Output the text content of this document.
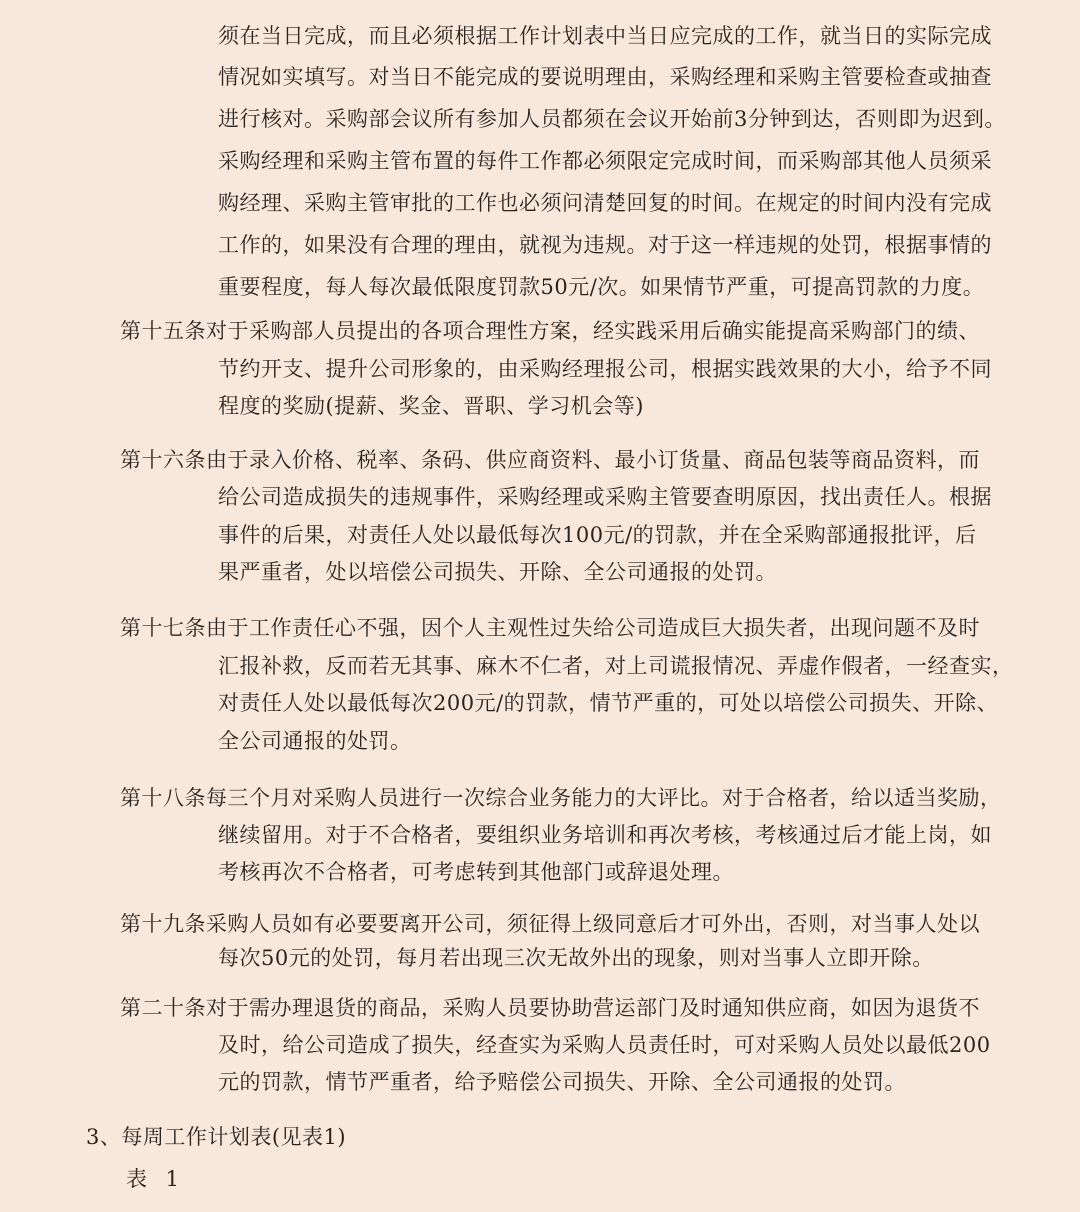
须在当日完成，而且必须根据工作计划表中当日应完成的工作，就当日的实际完成
情况如实填写。对当日不能完成的要说明理由，采购经理和采购主管要检查或抽查
进行核对。采购部会议所有参加人员都须在会议开始前3分钟到达，否则即为迟到。
采购经理和采购主管布置的每件工作都必须限定完成时间，而采购部其他人员须采
购经理、采购主管审批的工作也必须问清楚回复的时间。在规定的时间内没有完成
工作的，如果没有合理的理由，就视为违规。对于这一样违规的处罚，根据事情的
重要程度，每人每次最低限度罚款50元/次。如果情节严重，可提高罚款的力度。
第十五条对于采购部人员提出的各项合理性方案，经实践采用后确实能提高采购部门的绩、
节约开支、提升公司形象的，由采购经理报公司，根据实践效果的大小，给予不同
程度的奖励(提薪、奖金、晋职、学习机会等)
第十六条由于录入价格、税率、条码、供应商资料、最小订货量、商品包装等商品资料，而
给公司造成损失的违规事件，采购经理或采购主管要查明原因，找出责任人。根据
事件的后果，对责任人处以最低每次100元/的罚款，并在全采购部通报批评，后
果严重者，处以培偿公司损失、开除、全公司通报的处罚。
第十七条由于工作责任心不强，因个人主观性过失给公司造成巨大损失者，出现问题不及时
汇报补救，反而若无其事、麻木不仁者，对上司谎报情况、弄虚作假者，一经查实，
对责任人处以最低每次200元/的罚款，情节严重的，可处以培偿公司损失、开除、
全公司通报的处罚。
第十八条每三个月对采购人员进行一次综合业务能力的大评比。对于合格者，给以适当奖励，
继续留用。对于不合格者，要组织业务培训和再次考核，考核通过后才能上岗，如
考核再次不合格者，可考虑转到其他部门或辞退处理。
第十九条采购人员如有必要要离开公司，须征得上级同意后才可外出，否则，对当事人处以
每次50元的处罚，每月若出现三次无故外出的现象，则对当事人立即开除。
第二十条对于需办理退货的商品，采购人员要协助营运部门及时通知供应商，如因为退货不
及时，给公司造成了损失，经查实为采购人员责任时，可对采购人员处以最低200
元的罚款，情节严重者，给予赔偿公司损失、开除、全公司通报的处罚。
3、每周工作计划表(见表1)
表 1
